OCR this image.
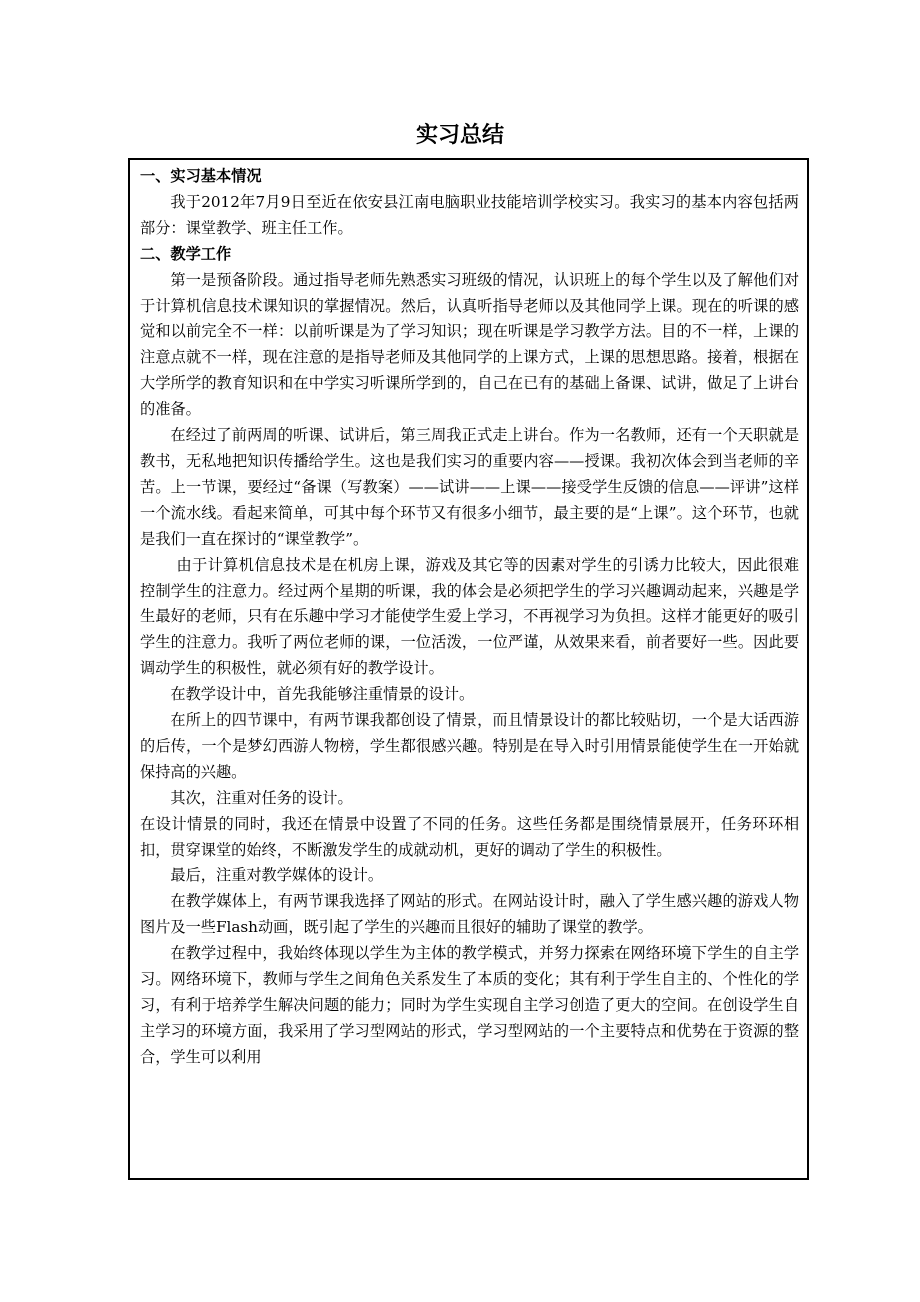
实习总结

一、实习基本情况

我于2012年7月9日至近在依安县江南电脑职业技能培训学校实习。我实习的基本内容包括两部分：课堂教学、班主任工作。

二、教学工作

第一是预备阶段。通过指导老师先熟悉实习班级的情况，认识班上的每个学生以及了解他们对于计算机信息技术课知识的掌握情况。然后，认真听指导老师以及其他同学上课。现在的听课的感觉和以前完全不一样：以前听课是为了学习知识；现在听课是学习教学方法。目的不一样，上课的注意点就不一样，现在注意的是指导老师及其他同学的上课方式，上课的思想思路。接着，根据在大学所学的教育知识和在中学实习听课所学到的，自己在已有的基础上备课、试讲，做足了上讲台的准备。

在经过了前两周的听课、试讲后，第三周我正式走上讲台。作为一名教师，还有一个天职就是教书，无私地把知识传播给学生。这也是我们实习的重要内容——授课。我初次体会到当老师的辛苦。上一节课，要经过“备课（写教案）——试讲——上课——接受学生反馈的信息——评讲”这样一个流水线。看起来简单，可其中每个环节又有很多小细节，最主要的是“上课”。这个环节，也就是我们一直在探讨的“课堂教学”。

由于计算机信息技术是在机房上课，游戏及其它等的因素对学生的引诱力比较大，因此很难控制学生的注意力。经过两个星期的听课，我的体会是必须把学生的学习兴趣调动起来，兴趣是学生最好的老师，只有在乐趣中学习才能使学生爱上学习，不再视学习为负担。这样才能更好的吸引学生的注意力。我听了两位老师的课，一位活泼，一位严谨，从效果来看，前者要好一些。因此要调动学生的积极性，就必须有好的教学设计。

在教学设计中，首先我能够注重情景的设计。

在所上的四节课中，有两节课我都创设了情景，而且情景设计的都比较贴切，一个是大话西游的后传，一个是梦幻西游人物榜，学生都很感兴趣。特别是在导入时引用情景能使学生在一开始就保持高的兴趣。

其次，注重对任务的设计。

在设计情景的同时，我还在情景中设置了不同的任务。这些任务都是围绕情景展开，任务环环相扣，贯穿课堂的始终，不断激发学生的成就动机，更好的调动了学生的积极性。

最后，注重对教学媒体的设计。

在教学媒体上，有两节课我选择了网站的形式。在网站设计时，融入了学生感兴趣的游戏人物图片及一些Flash动画，既引起了学生的兴趣而且很好的辅助了课堂的教学。

在教学过程中，我始终体现以学生为主体的教学模式，并努力探索在网络环境下学生的自主学习。网络环境下，教师与学生之间角色关系发生了本质的变化；其有利于学生自主的、个性化的学习，有利于培养学生解决问题的能力；同时为学生实现自主学习创造了更大的空间。在创设学生自主学习的环境方面，我采用了学习型网站的形式，学习型网站的一个主要特点和优势在于资源的整合，学生可以利用
